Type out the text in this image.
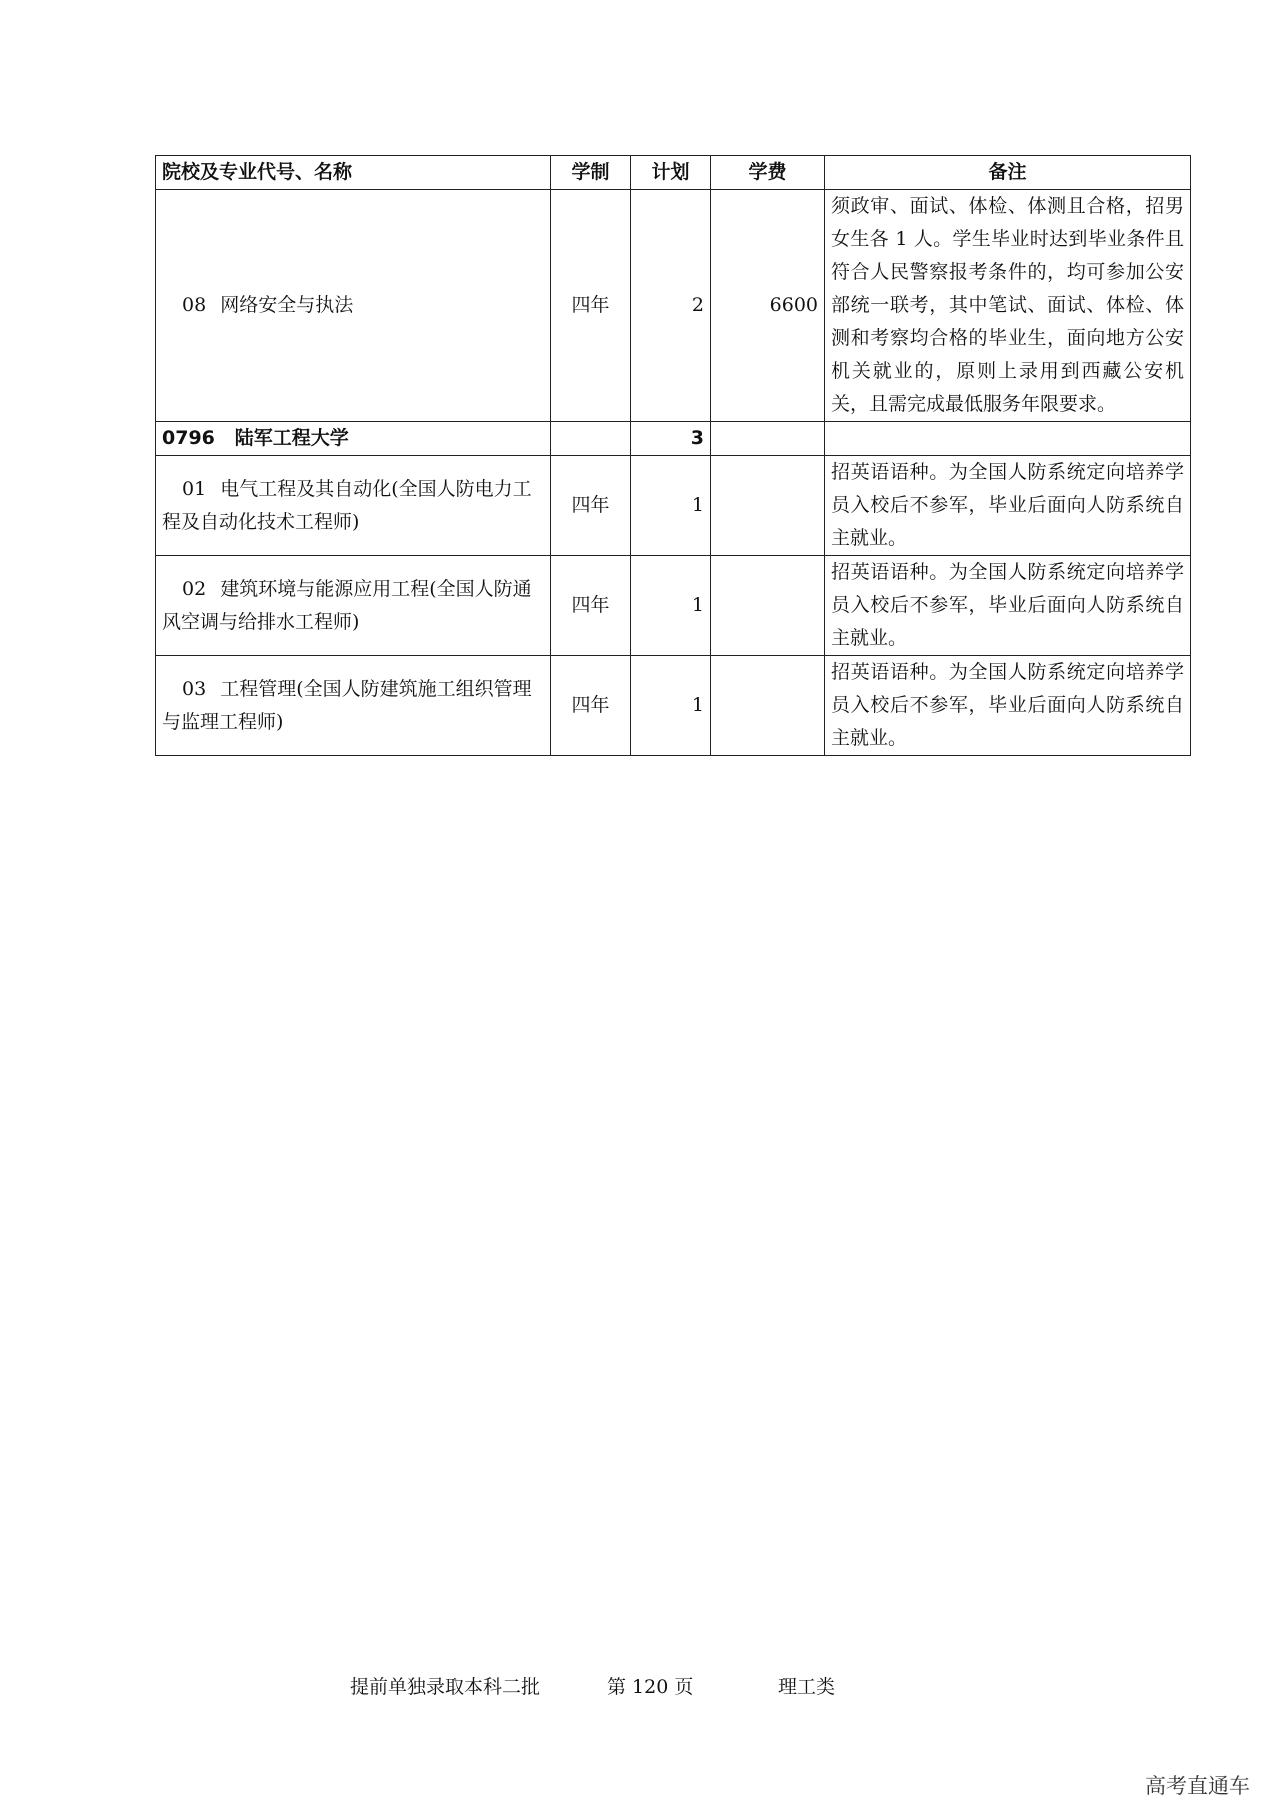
院校及专业代号、名称	学制	计划	学费	备注
08 网络安全与执法	四年	2	6600	须政审、面试、体检、体测且合格，招男女生各 1 人。学生毕业时达到毕业条件且符合人民警察报考条件的，均可参加公安部统一联考，其中笔试、面试、体检、体测和考察均合格的毕业生，面向地方公安机关就业的，原则上录用到西藏公安机关，且需完成最低服务年限要求。
0796 陆军工程大学		3		
01 电气工程及其自动化(全国人防电力工程及自动化技术工程师)	四年	1		招英语语种。为全国人防系统定向培养学员入校后不参军，毕业后面向人防系统自主就业。
02 建筑环境与能源应用工程(全国人防通风空调与给排水工程师)	四年	1		招英语语种。为全国人防系统定向培养学员入校后不参军，毕业后面向人防系统自主就业。
03 工程管理(全国人防建筑施工组织管理与监理工程师)	四年	1		招英语语种。为全国人防系统定向培养学员入校后不参军，毕业后面向人防系统自主就业。
提前单独录取本科二批	第 120 页	理工类
高考直通车
